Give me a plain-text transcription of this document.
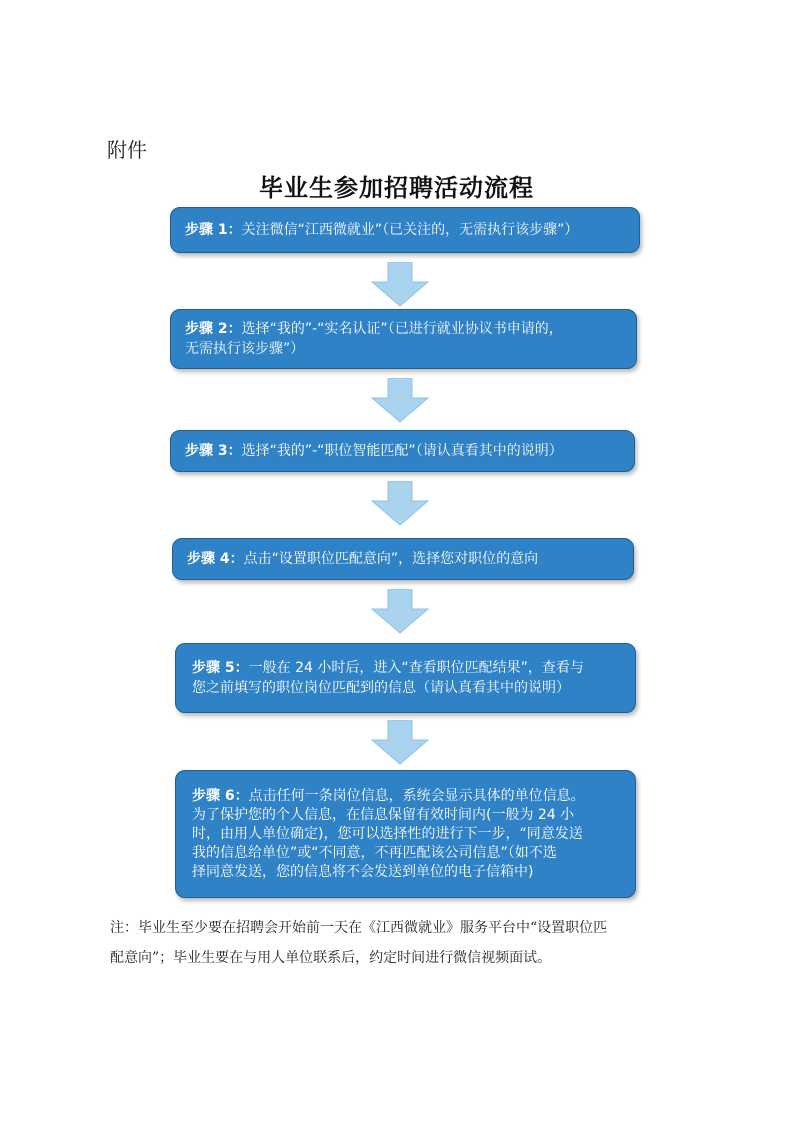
附件
毕业生参加招聘活动流程

步骤 1：关注微信“江西微就业”（已关注的，无需执行该步骤”）

步骤 2：选择“我的”-“实名认证”（已进行就业协议书申请的，

无需执行该步骤”）

步骤 3：选择“我的”-“职位智能匹配”（请认真看其中的说明）

步骤 4：点击“设置职位匹配意向”，选择您对职位的意向

步骤 5：一般在 24 小时后，进入“查看职位匹配结果”，查看与

您之前填写的职位岗位匹配到的信息（请认真看其中的说明）

步骤 6：点击任何一条岗位信息，系统会显示具体的单位信息。

为了保护您的个人信息，在信息保留有效时间内(一般为 24 小

时，由用人单位确定)，您可以选择性的进行下一步，“同意发送

我的信息给单位”或“不同意，不再匹配该公司信息”（如不选

择同意发送，您的信息将不会发送到单位的电子信箱中)

注：毕业生至少要在招聘会开始前一天在《江西微就业》服务平台中“设置职位匹
配意向”；毕业生要在与用人单位联系后，约定时间进行微信视频面试。
